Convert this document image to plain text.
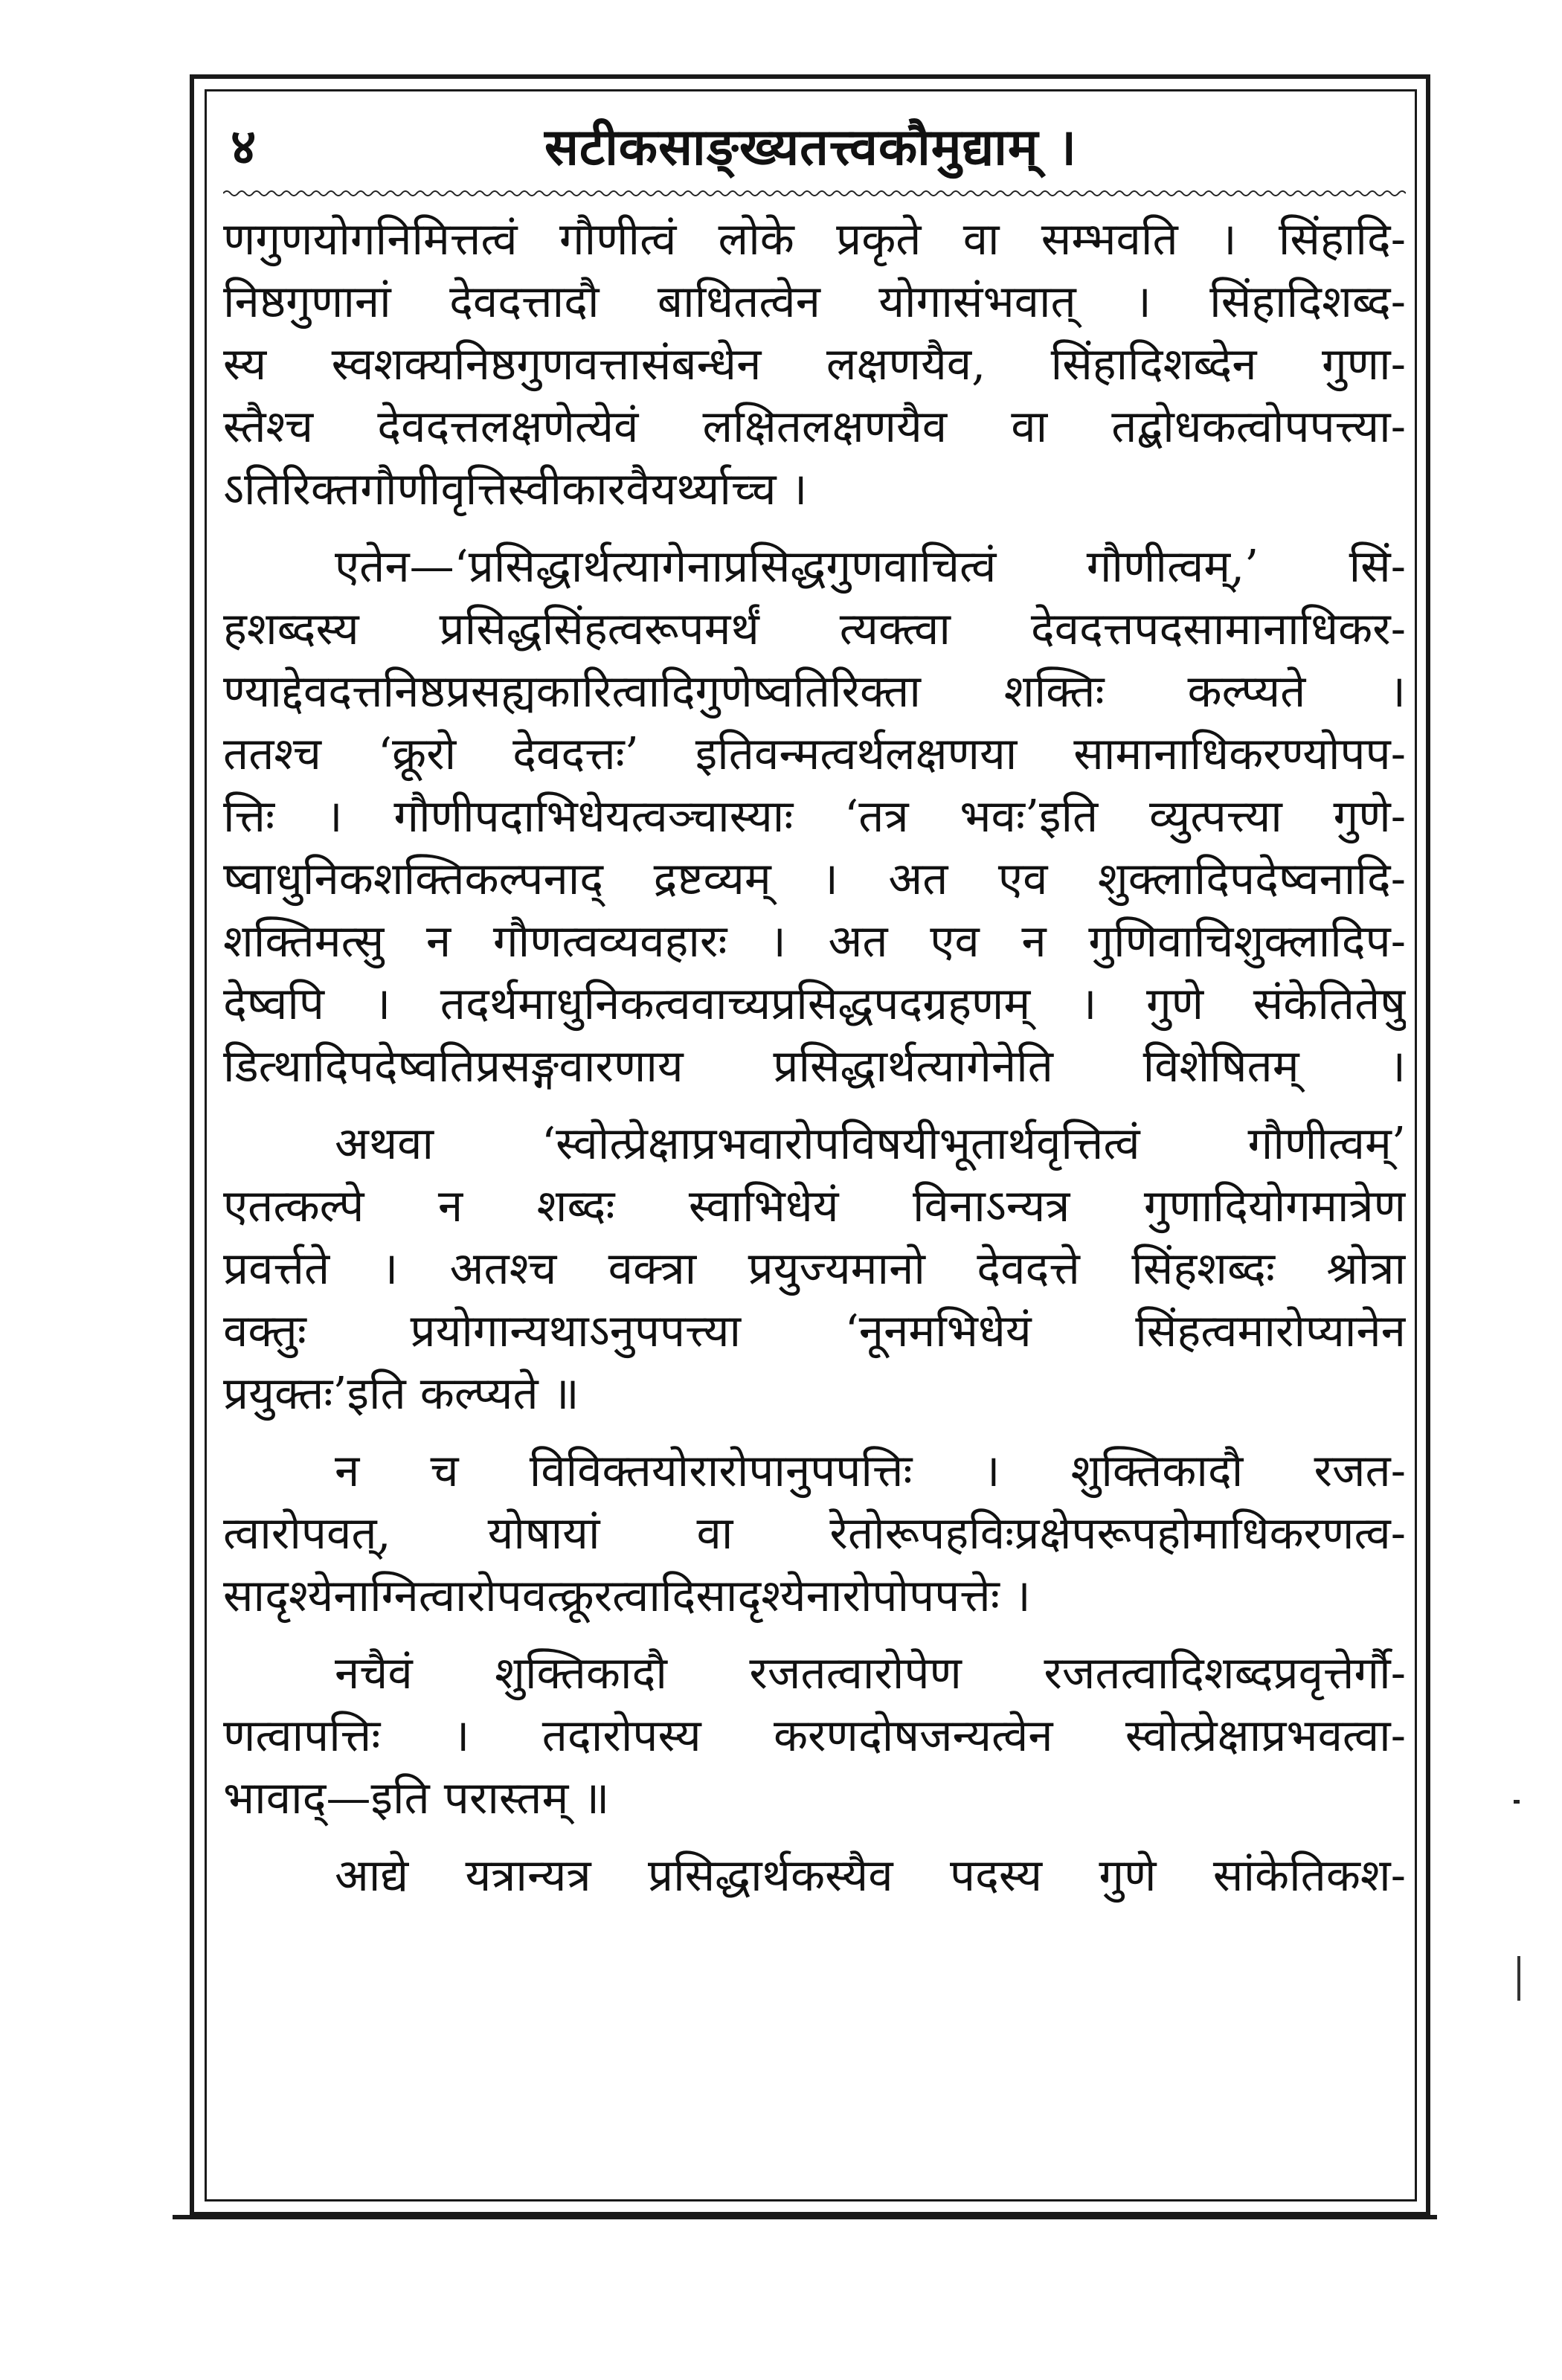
४	सटीकसाङ्ख्यतत्त्वकौमुद्याम् ।
णगुणयोगनिमित्तत्वं गौणीत्वं लोके प्रकृते वा सम्भवति । सिंहादि-
निष्ठगुणानां देवदत्तादौ बाधितत्वेन योगासंभवात् । सिंहादिशब्द-
स्य स्वशक्यनिष्ठगुणवत्तासंबन्धेन लक्षणयैव, सिंहादिशब्देन गुणा-
स्तैश्च देवदत्तलक्षणेत्येवं लक्षितलक्षणयैव वा तद्बोधकत्वोपपत्त्या-
ऽतिरिक्तगौणीवृत्तिस्वीकारवैयर्थ्याच्च ।
एतेन—‘प्रसिद्धार्थत्यागेनाप्रसिद्धगुणवाचित्वं गौणीत्वम्,’ सिं-
हशब्दस्य प्रसिद्धसिंहत्वरूपमर्थं त्यक्त्वा देवदत्तपदसामानाधिकर-
ण्याद्देवदत्तनिष्ठप्रसह्यकारित्वादिगुणेष्वतिरिक्ता शक्तिः कल्प्यते ।
ततश्च ‘क्रूरो देवदत्तः’ इतिवन्मत्वर्थलक्षणया सामानाधिकरण्योपप-
त्तिः । गौणीपदाभिधेयत्वञ्चास्याः ‘तत्र भवः’इति व्युत्पत्त्या गुणे-
ष्वाधुनिकशक्तिकल्पनाद् द्रष्टव्यम् । अत एव शुक्लादिपदेष्वनादि-
शक्तिमत्सु न गौणत्वव्यवहारः । अत एव न गुणिवाचिशुक्लादिप-
देष्वपि । तदर्थमाधुनिकत्ववाच्यप्रसिद्धपदग्रहणम् । गुणे संकेतितेषु
डित्थादिपदेष्वतिप्रसङ्गवारणाय प्रसिद्धार्थत्यागेनेति विशेषितम् ।
अथवा ‘स्वोत्प्रेक्षाप्रभवारोपविषयीभूतार्थवृत्तित्वं गौणीत्वम्’
एतत्कल्पे न शब्दः स्वाभिधेयं विनाऽन्यत्र गुणादियोगमात्रेण
प्रवर्त्तते । अतश्च वक्त्रा प्रयुज्यमानो देवदत्ते सिंहशब्दः श्रोत्रा
वक्तुः प्रयोगान्यथाऽनुपपत्त्या ‘नूनमभिधेयं सिंहत्वमारोप्यानेन
प्रयुक्तः’इति कल्प्यते ॥
न च विविक्तयोरारोपानुपपत्तिः । शुक्तिकादौ रजत-
त्वारोपवत्, योषायां वा रेतोरूपहविःप्रक्षेपरूपहोमाधिकरणत्व-
सादृश्येनाग्नित्वारोपवत्क्रूरत्वादिसादृश्येनारोपोपपत्तेः ।
नचैवं शुक्तिकादौ रजतत्वारोपेण रजतत्वादिशब्दप्रवृत्तेर्गौ-
णत्वापत्तिः । तदारोपस्य करणदोषजन्यत्वेन स्वोत्प्रेक्षाप्रभवत्वा-
भावाद्—इति परास्तम् ॥
आद्ये यत्रान्यत्र प्रसिद्धार्थकस्यैव पदस्य गुणे सांकेतिकश-
